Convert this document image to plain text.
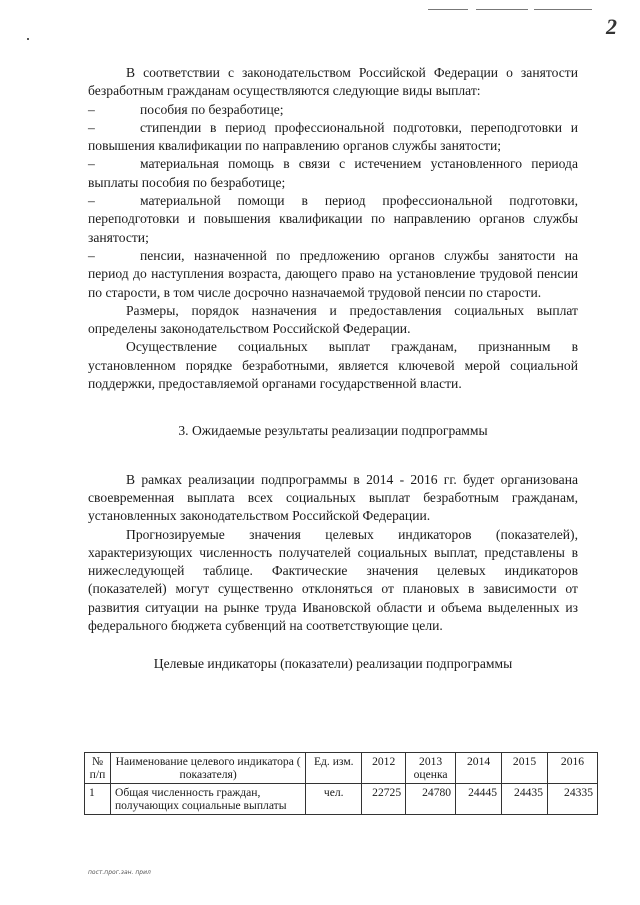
2

В соответствии с законодательством Российской Федерации о занятости безработным гражданам осуществляются следующие виды выплат:

–	пособия по безработице;

–	стипендии в период профессиональной подготовки, переподготовки и повышения квалификации по направлению органов службы занятости;

–	материальная помощь в связи с истечением установленного периода выплаты пособия по безработице;

–	материальной помощи в период профессиональной подготовки, переподготовки и повышения квалификации по направлению органов службы занятости;

–	пенсии, назначенной по предложению органов службы занятости на период до наступления возраста, дающего право на установление трудовой пенсии по старости, в том числе досрочно назначаемой трудовой пенсии по старости.

Размеры, порядок назначения и предоставления социальных выплат определены законодательством Российской Федерации.

Осуществление социальных выплат гражданам, признанным в установленном порядке безработными, является ключевой мерой социальной поддержки, предоставляемой органами государственной власти.

3. Ожидаемые результаты реализации подпрограммы

В рамках реализации подпрограммы в 2014 - 2016 гг. будет организована своевременная выплата всех социальных выплат безработным гражданам, установленных законодательством Российской Федерации.

Прогнозируемые значения целевых индикаторов (показателей), характеризующих численность получателей социальных выплат, представлены в нижеследующей таблице. Фактические значения целевых индикаторов (показателей) могут существенно отклоняться от плановых в зависимости от развития ситуации на рынке труда Ивановской области и объема выделенных из федерального бюджета субвенций на соответствующие цели.

Целевые индикаторы (показатели) реализации подпрограммы

№ п/п	Наименование целевого индикатора ( показателя)	Ед. изм.	2012	2013 оценка	2014	2015	2016
1	Общая численность граждан, получающих социальные выплаты	чел.	22725	24780	24445	24435	24335
пост.прог.зан. прил
